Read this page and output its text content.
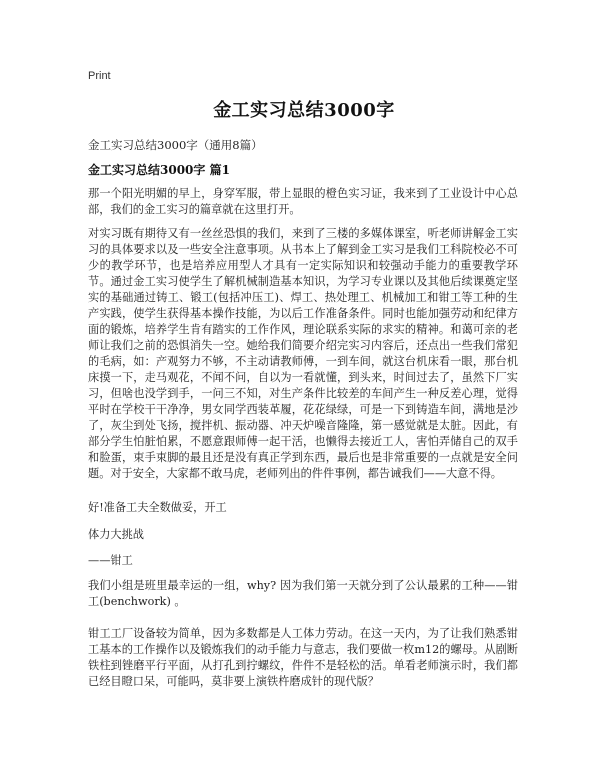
Print
金工实习总结3000字
金工实习总结3000字（通用8篇）
金工实习总结3000字 篇1

那一个阳光明媚的早上，身穿军服，带上显眼的橙色实习证，我来到了工业设计中心总部，我们的金工实习的篇章就在这里打开。

对实习既有期待又有一丝丝恐惧的我们，来到了三楼的多媒体课室，听老师讲解金工实习的具体要求以及一些安全注意事项。从书本上了解到金工实习是我们工科院校必不可少的教学环节，也是培养应用型人才具有一定实际知识和较强动手能力的重要教学环节。通过金工实习使学生了解机械制造基本知识，为学习专业课以及其他后续课奠定坚实的基础通过铸工、锻工(包括冲压工)、焊工、热处理工、机械加工和钳工等工种的生产实践，使学生获得基本操作技能，为以后工作准备条件。同时也能加强劳动和纪律方面的锻炼，培养学生肯有踏实的工作作风，理论联系实际的求实的精神。和蔼可亲的老师让我们之前的恐惧消失一空。她给我们简要介绍完实习内容后，还点出一些我们常犯的毛病，如：产观努力不够，不主动请教师傅，一到车间，就这台机床看一眼，那台机床摸一下，走马观花，不闻不问，自以为一看就懂，到头来，时间过去了，虽然下厂实习，但啥也没学到手，一问三不知，对生产条件比较差的车间产生一种反差心理，觉得平时在学校干干净净，男女同学西装革履，花花绿绿，可是一下到铸造车间，满地是沙了，灰尘到处飞扬，搅拌机、振动器、冲天炉噪音隆隆，第一感觉就是太脏。因此，有部分学生怕脏怕累，不愿意跟师傅一起干活，也懒得去接近工人，害怕弄储自己的双手和脸蛋，束手束脚的最且还是没有真正学到东西，最后也是非常重要的一点就是安全问题。对于安全，大家都不敢马虎，老师列出的件件事例，都告诫我们——大意不得。

好!准备工夫全数做妥，开工

体力大挑战

——钳工

我们小组是班里最幸运的一组，why? 因为我们第一天就分到了公认最累的工种——钳工(benchwork) 。

钳工工厂设备较为简单，因为多数都是人工体力劳动。在这一天内，为了让我们熟悉钳工基本的工作操作以及锻炼我们的动手能力与意志，我们要做一枚m12的螺母。从剧断铁柱到锉磨平行平面，从打孔到拧螺纹，件件不是轻松的活。单看老师演示时，我们都已经目瞪口呆，可能吗，莫非要上演铁杵磨成针的现代版？
